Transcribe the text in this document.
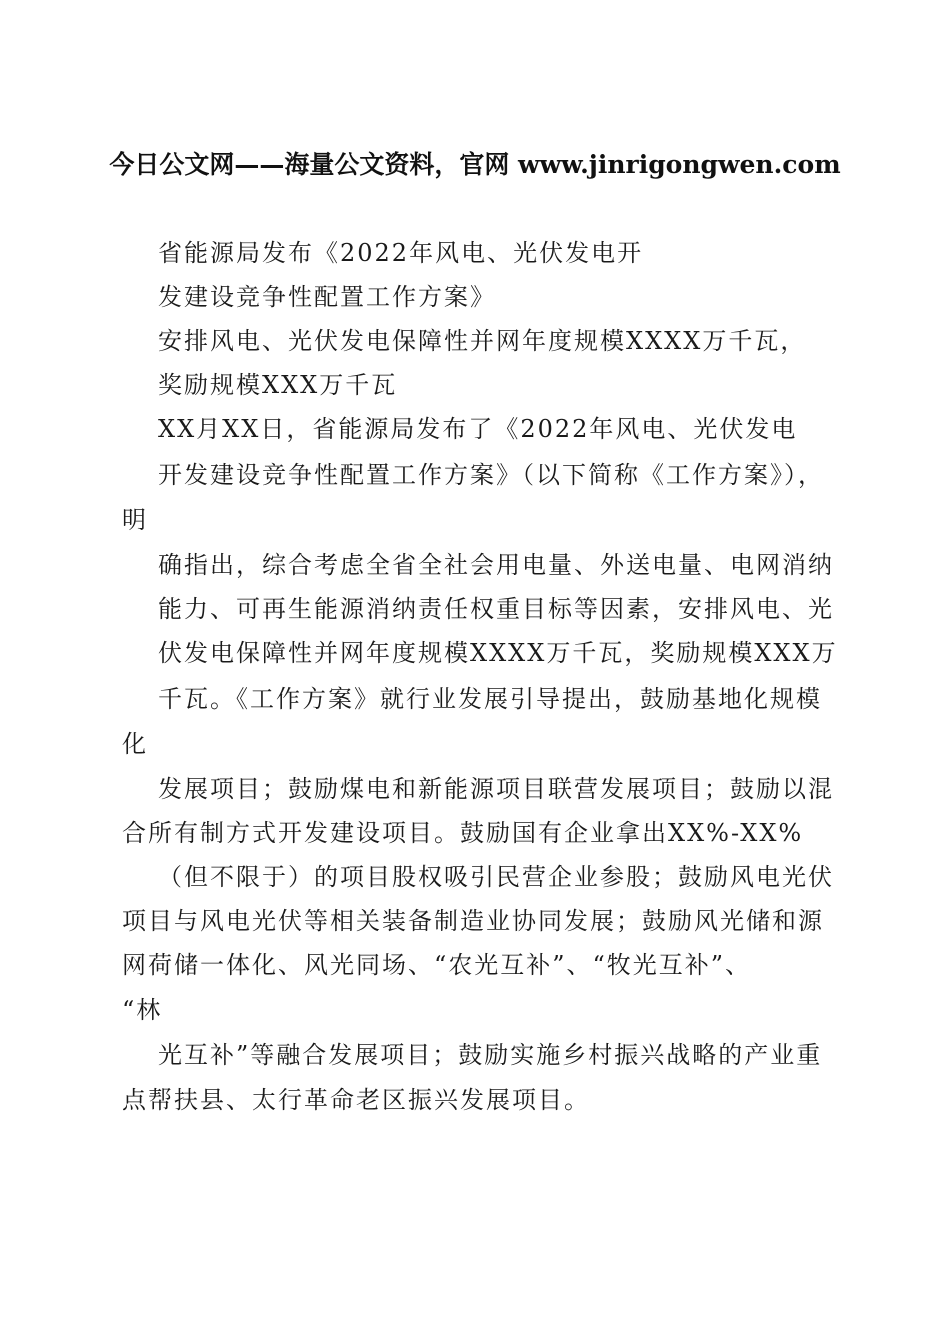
今日公文网——海量公文资料，官网 www.jinrigongwen.com
省能源局发布《2022年风电、光伏发电开
发建设竞争性配置工作方案》
安排风电、光伏发电保障性并网年度规模XXXX万千瓦，
奖励规模XXX万千瓦
XX月XX日，省能源局发布了《2022年风电、光伏发电
开发建设竞争性配置工作方案》（以下简称《工作方案》），
明
确指出，综合考虑全省全社会用电量、外送电量、电网消纳
能力、可再生能源消纳责任权重目标等因素，安排风电、光
伏发电保障性并网年度规模XXXX万千瓦，奖励规模XXX万
千瓦。《工作方案》就行业发展引导提出，鼓励基地化规模
化
发展项目；鼓励煤电和新能源项目联营发展项目；鼓励以混
合所有制方式开发建设项目。鼓励国有企业拿出XX%-XX%
（但不限于）的项目股权吸引民营企业参股；鼓励风电光伏
项目与风电光伏等相关装备制造业协同发展；鼓励风光储和源
网荷储一体化、风光同场、“农光互补”、“牧光互补”、
“林
光互补”等融合发展项目；鼓励实施乡村振兴战略的产业重
点帮扶县、太行革命老区振兴发展项目。
